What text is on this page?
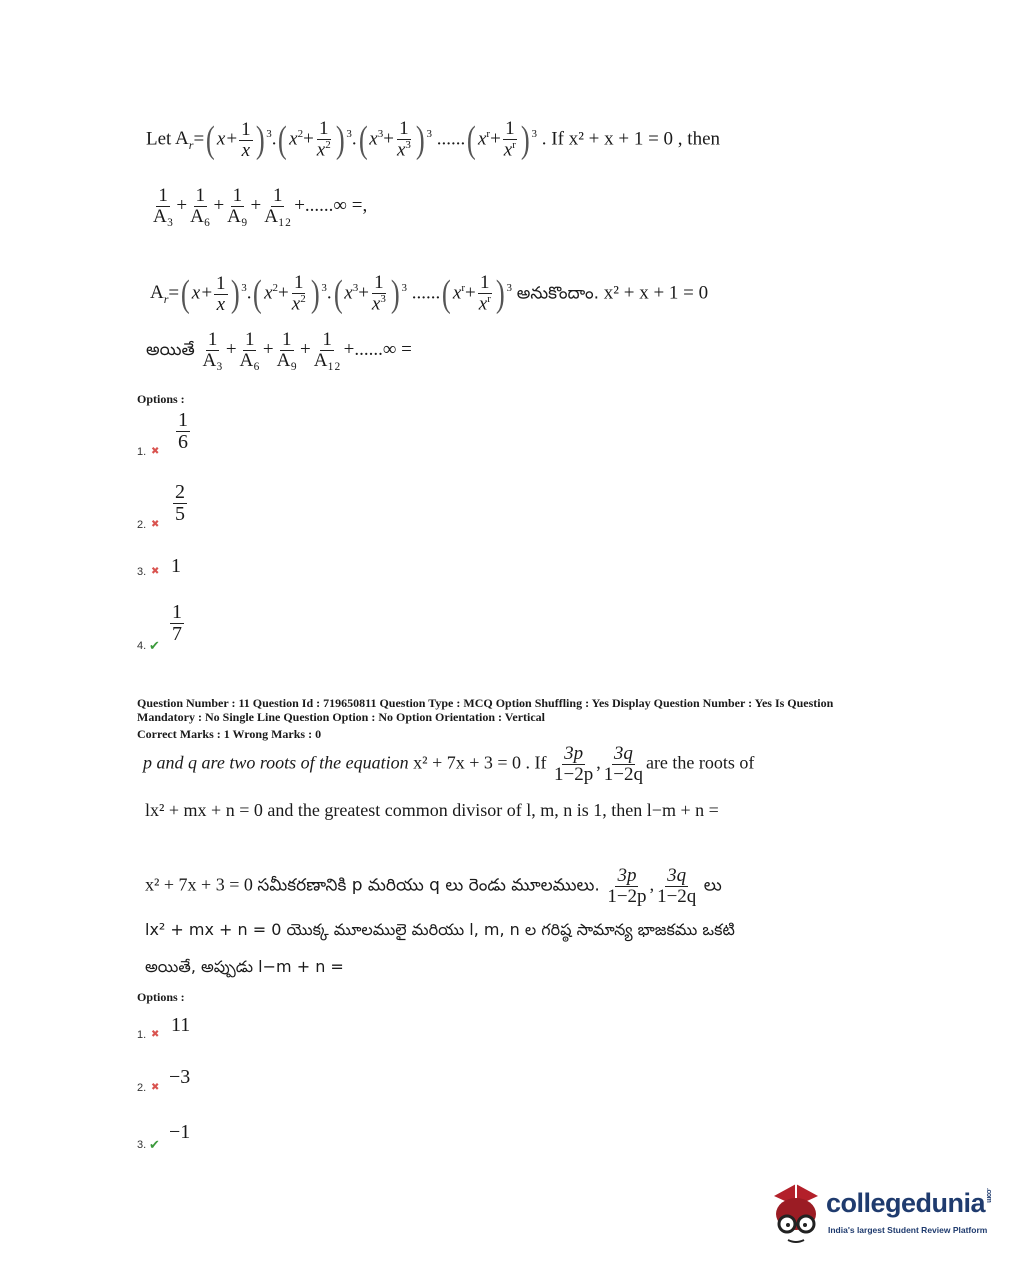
Let $A_r=(x+ \frac{1}{x}$ ) $^3.(x^2+ \frac{1}{x^2}$ ) $^3.(x^3+ \frac{1}{x^3}$ ) $^3$ $......(x^r+ \frac{1}{x^r}$ ) $^3$ . If x² + x + 1 = 0 , then
$\frac{1}{\text{A₃}} + \frac{1}{\text{A₆}} + \frac{1}{\text{A₉}} + \frac{1}{\text{A₁₂}}$ +......∞ =,
$A_r=(x+ \frac{1}{x}$ ) $^3.(x^2+ \frac{1}{x^2}$ ) $^3.(x^3+ \frac{1}{x^3}$ ) $^3$ $......(x^r+ \frac{1}{x^r}$ ) $^3$ అనుకొందాం. x² + x + 1 = 0
అయితే $\frac{1}{\text{A₃}} + \frac{1}{\text{A₆}} + \frac{1}{\text{A₉}} + \frac{1}{\text{A₁₂}}$ +......∞ =
Options :
1. ✖ $\frac{1}{6}$
2. ✖ $\frac{2}{5}$
3. ✖ 1
4. ✔
$\frac{1}{7}$
Question Number : 11 Question Id : 719650811 Question Type : MCQ Option Shuffling : Yes Display Question Number : Yes Is Question
Mandatory : No Single Line Question Option : No Option Orientation : Vertical
Correct Marks : 1 Wrong Marks : 0
p and q are two roots of the equation x² + 7x + 3 = 0 . If $\frac{3p}{1-2p}$ , $\frac{3q}{1-2q}$ are the roots of
lx² + mx + n = 0 and the greatest common divisor of l, m, n is 1, then l−m + n =
x² + 7x + 3 = 0 సమీకరణానికి p మరియు q లు రెండు మూలములు. $\frac{3p}{1-2p}$ , $\frac{3q}{1-2q}$ లు
lx² + mx + n = 0 యొక్క మూలములై మరియు l, m, n ల గరిష్ఠ సామాన్య భాజకము ఒకటి
అయితే, అప్పుడు l−m + n =
Options :
1. ✖ 11
2. ✖ −3
3. ✔
−1
collegedunia.com
India's largest Student Review Platform
